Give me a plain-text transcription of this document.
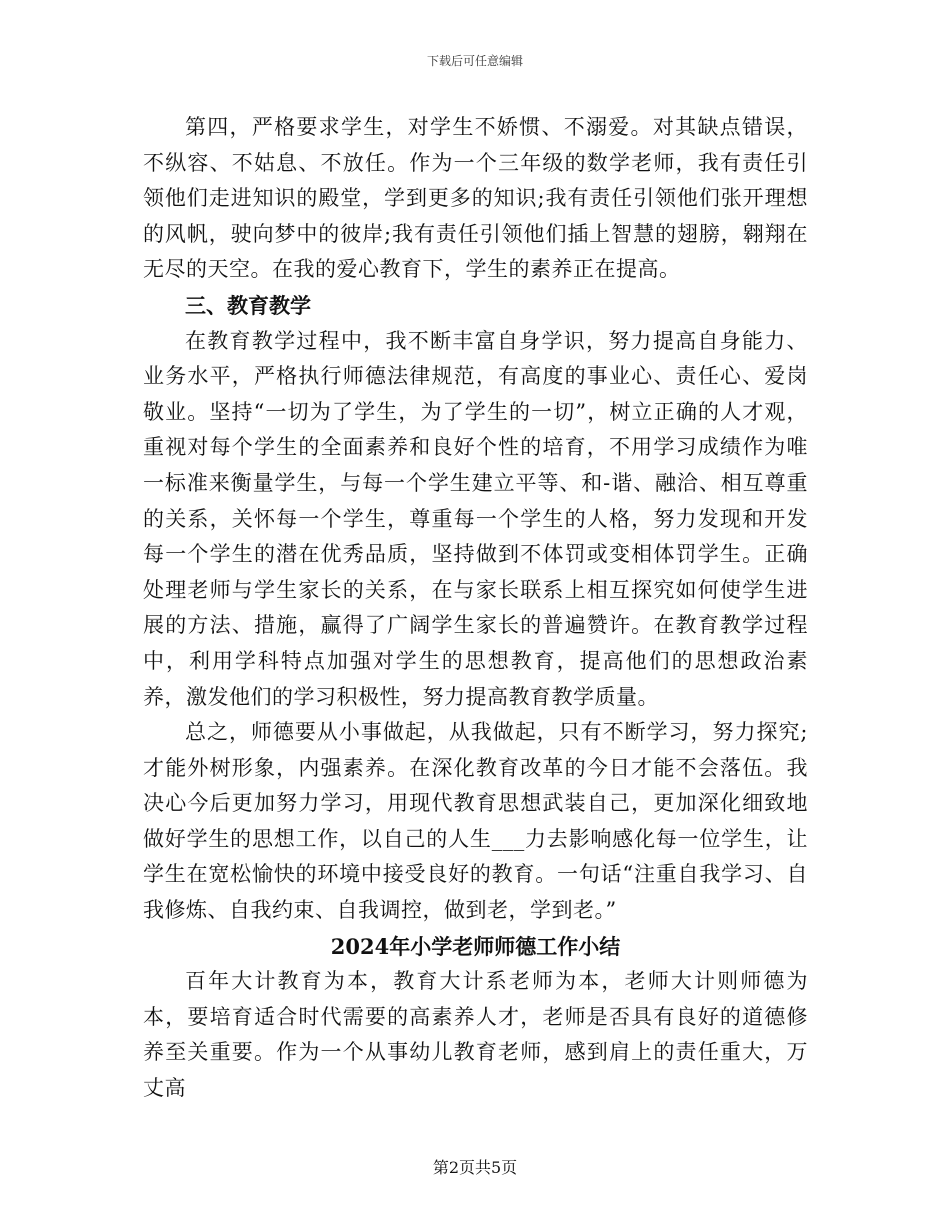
下载后可任意编辑

第四，严格要求学生，对学生不娇惯、不溺爱。对其缺点错误，不纵容、不姑息、不放任。作为一个三年级的数学老师，我有责任引领他们走进知识的殿堂，学到更多的知识;我有责任引领他们张开理想的风帆，驶向梦中的彼岸;我有责任引领他们插上智慧的翅膀，翱翔在无尽的天空。在我的爱心教育下，学生的素养正在提高。

三、教育教学

在教育教学过程中，我不断丰富自身学识，努力提高自身能力、业务水平，严格执行师德法律规范，有高度的事业心、责任心、爱岗敬业。坚持“一切为了学生，为了学生的一切”，树立正确的人才观，重视对每个学生的全面素养和良好个性的培育，不用学习成绩作为唯一标准来衡量学生，与每一个学生建立平等、和-谐、融洽、相互尊重的关系，关怀每一个学生，尊重每一个学生的人格，努力发现和开发每一个学生的潜在优秀品质，坚持做到不体罚或变相体罚学生。正确处理老师与学生家长的关系，在与家长联系上相互探究如何使学生进展的方法、措施，赢得了广阔学生家长的普遍赞许。在教育教学过程中，利用学科特点加强对学生的思想教育，提高他们的思想政治素养，激发他们的学习积极性，努力提高教育教学质量。

总之，师德要从小事做起，从我做起，只有不断学习，努力探究;才能外树形象，内强素养。在深化教育改革的今日才能不会落伍。我决心今后更加努力学习，用现代教育思想武装自己，更加深化细致地做好学生的思想工作，以自己的人生___力去影响感化每一位学生，让学生在宽松愉快的环境中接受良好的教育。一句话“注重自我学习、自我修炼、自我约束、自我调控，做到老，学到老。”

2024年小学老师师德工作小结

百年大计教育为本，教育大计系老师为本，老师大计则师德为本，要培育适合时代需要的高素养人才，老师是否具有良好的道德修养至关重要。作为一个从事幼儿教育老师，感到肩上的责任重大，万丈高

第2页共5页
